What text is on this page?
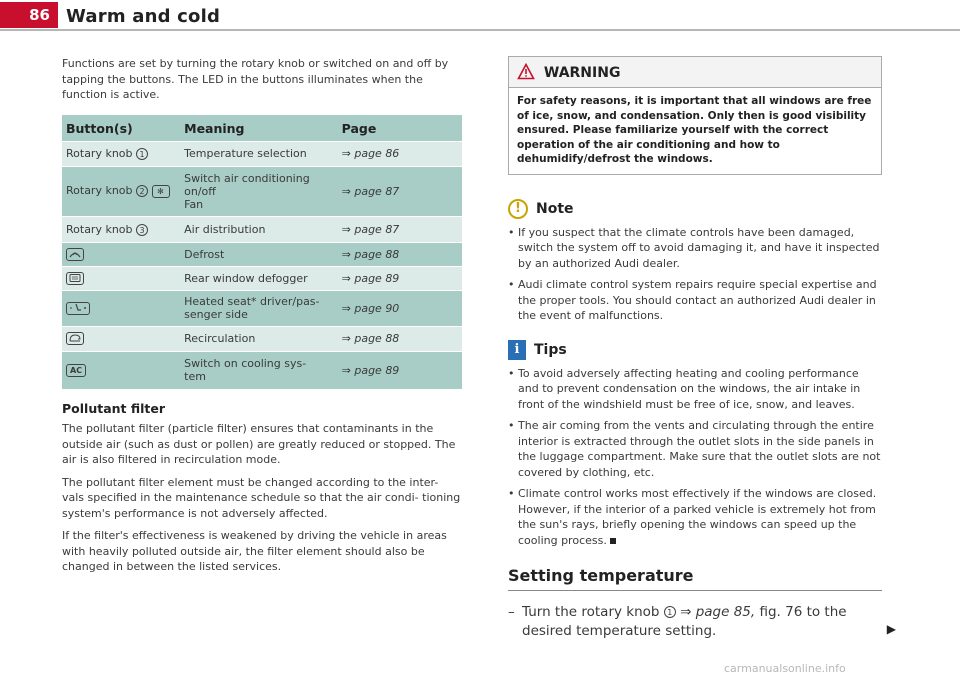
86 Warm and cold

Functions are set by turning the rotary knob or switched on and off by tapping the buttons. The LED in the buttons illuminates when the function is active.

Button(s)	Meaning	Page
Rotary knob 1	Temperature selection	⇒ page 86
Rotary knob 2 ✻	Switch air conditioning
on/off
Fan	⇒ page 87
Rotary knob 3	Air distribution	⇒ page 87
	Defrost	⇒ page 88
	Rear window defogger	⇒ page 89
	Heated seat* driver/pas-
senger side	⇒ page 90
	Recirculation	⇒ page 88
AC	Switch on cooling sys-
tem	⇒ page 89
Pollutant filter

The pollutant filter (particle filter) ensures that contaminants in the outside air (such as dust or pollen) are greatly reduced or stopped. The air is also filtered in recirculation mode.

The pollutant filter element must be changed according to the inter- vals specified in the maintenance schedule so that the air condi- tioning system's performance is not adversely affected.

If the filter's effectiveness is weakened by driving the vehicle in areas with heavily polluted outside air, the filter element should also be changed in between the listed services.

WARNING
For safety reasons, it is important that all windows are free of ice, snow, and condensation. Only then is good visibility ensured. Please familiarize yourself with the correct operation of the air conditioning and how to dehumidify/defrost the windows.
!	Note
• If you suspect that the climate controls have been damaged, switch the system off to avoid damaging it, and have it inspected by an authorized Audi dealer.
• Audi climate control system repairs require special expertise and the proper tools. You should contact an authorized Audi dealer in the event of malfunctions.
i	Tips
• To avoid adversely affecting heating and cooling performance and to prevent condensation on the windows, the air intake in front of the windshield must be free of ice, snow, and leaves.
• The air coming from the vents and circulating through the entire interior is extracted through the outlet slots in the side panels in the luggage compartment. Make sure that the outlet slots are not covered by clothing, etc.
• Climate control works most effectively if the windows are closed. However, if the interior of a parked vehicle is extremely hot from the sun's rays, briefly opening the windows can speed up the cooling process.
Setting temperature
– Turn the rotary knob 1 ⇒ page 85, fig. 76 to the desired temperature setting.	▶
carmanualsonline.info
